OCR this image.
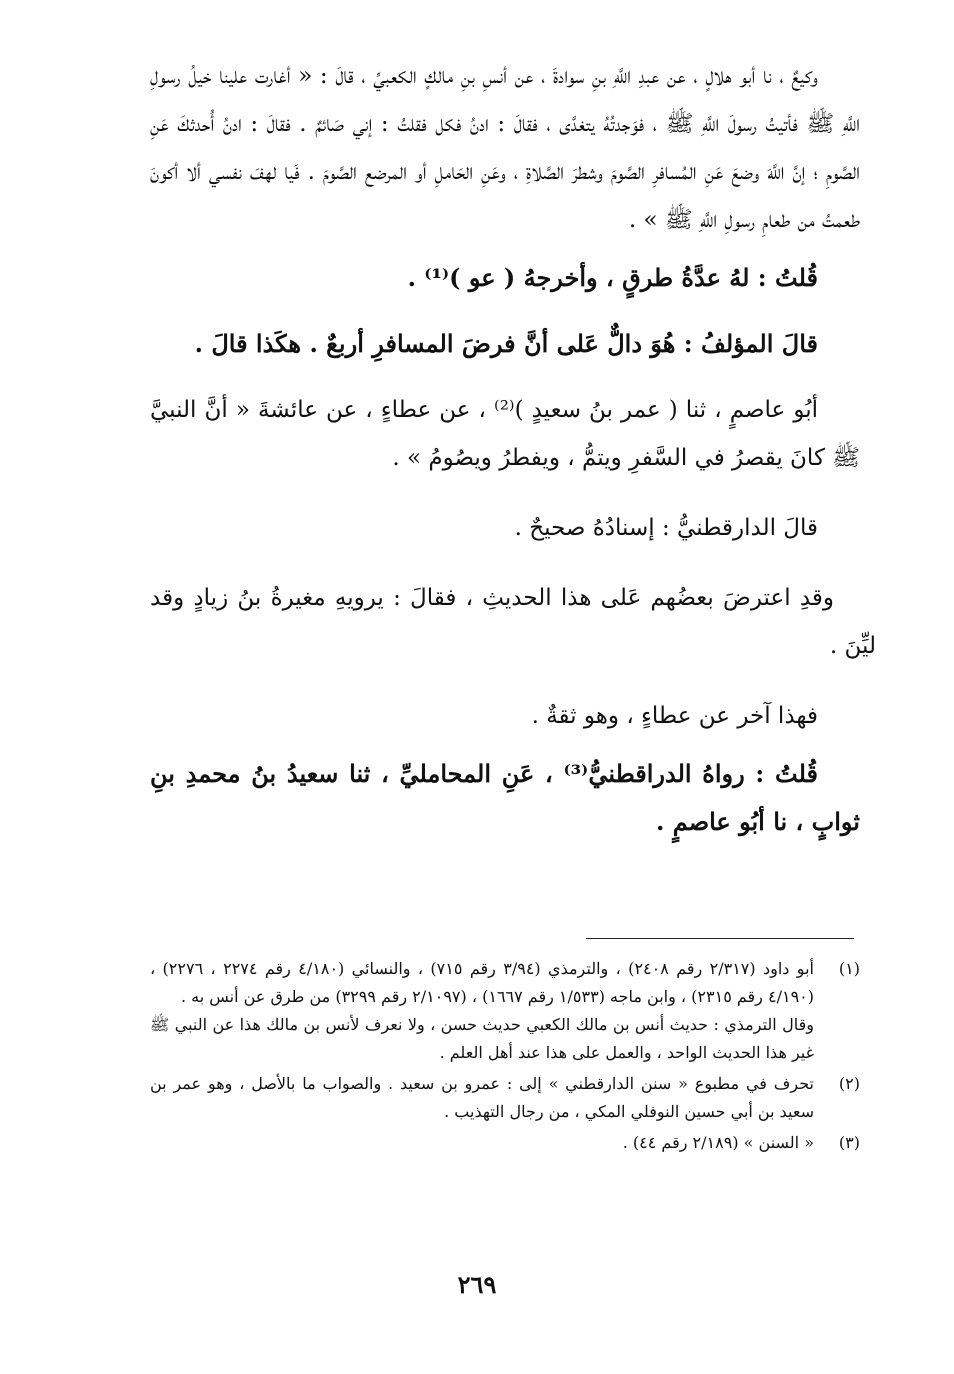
وكيعٌ ، نا أبو هلالٍ ، عن عبدِ اللَّهِ بنِ سوادةَ ، عن أنسِ بنِ مالكٍ الكعبيِّ ، قالَ : « أغارت علينا خيلُ رسولِ اللَّهِ ﷺ فأتيتُ رسولَ اللَّهِ ﷺ ، فوَجدتُهُ يتغدَّى ، فقالَ : ادنُ فكل فقلتُ : إني صَائمٌ . فقالَ : ادنُ أُحدثكَ عَنِ الصَّومِ ؛ إنَّ اللَّهَ وضعَ عَنِ المُسافرِ الصَّومَ وشطرَ الصَّلاةِ ، وعَنِ الحَاملِ أو المرضع الصَّومَ . فَيا لهفَ نفسي ألا أكونَ طعمتُ من طعامِ رسولِ اللَّهِ ﷺ » .

قُلتُ : لهُ عدَّةُ طرقٍ ، وأخرجهُ ( عو )⁽¹⁾ .

قالَ المؤلفُ : هُوَ دالٌّ عَلى أنَّ فرضَ المسافرِ أربعٌ . هكَذا قالَ .

أبُو عاصمٍ ، ثنا ( عمر بنُ سعيدٍ )⁽²⁾ ، عن عطاءٍ ، عن عائشةَ « أنَّ النبيَّ ﷺ كانَ يقصرُ في السَّفرِ ويتمُّ ، ويفطرُ ويصُومُ » .

قالَ الدارقطنيُّ : إسنادُهُ صحيحٌ .

وقدِ اعترضَ بعضُهم عَلى هذا الحديثِ ، فقالَ : يرويهِ مغيرةُ بنُ زيادٍ وقد ليِّنَ .

فهذا آخر عن عطاءٍ ، وهو ثقةٌ .

قُلتُ : رواهُ الدراقطنيُّ⁽³⁾ ، عَنِ المحامليِّ ، ثنا سعيدُ بنُ محمدِ بنِ ثوابٍ ، نا أبُو عاصمٍ .

(١)
أبو داود (٢/٣١٧ رقم ٢٤٠٨) ، والترمذي (٣/٩٤ رقم ٧١٥) ، والنسائي (٤/١٨٠ رقم ٢٢٧٤ ، ٢٢٧٦) ، (٤/١٩٠ رقم ٢٣١٥) ، وابن ماجه (١/٥٣٣ رقم ١٦٦٧) ، (٢/١٠٩٧ رقم ٣٢٩٩) من طرق عن أنس به .
وقال الترمذي : حديث أنس بن مالك الكعبي حديث حسن ، ولا نعرف لأنس بن مالك هذا عن النبي ﷺ غير هذا الحديث الواحد ، والعمل على هذا عند أهل العلم .
(٢)
تحرف في مطبوع « سنن الدارقطني » إلى : عمرو بن سعيد . والصواب ما بالأصل ، وهو عمر بن سعيد بن أبي حسين النوفلي المكي ، من رجال التهذيب .
(٣)
« السنن » (٢/١٨٩ رقم ٤٤) .
٢٦٩
